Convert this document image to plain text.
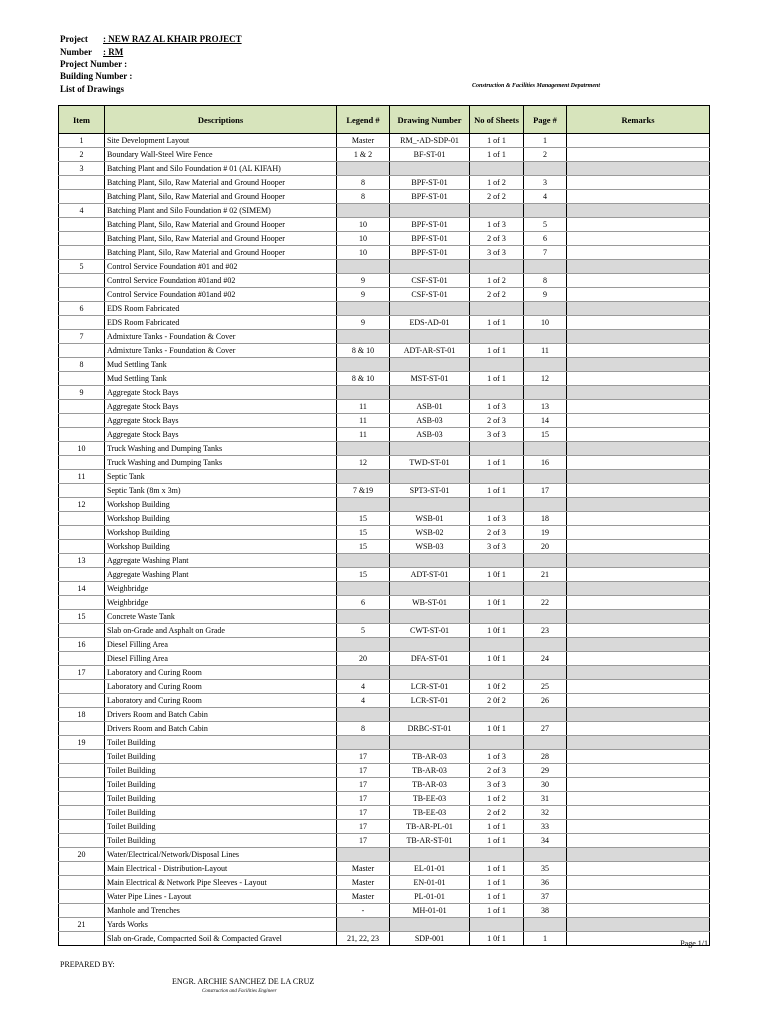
Project : NEW RAZ AL KHAIR PROJECT
Number : RM
Project Number :
Building Number :
List of Drawings	Construction & Facilities Management Depatrment
Item	Descriptions	Legend #	Drawing Number	No of Sheets	Page #	Remarks
1	Site Development Layout	Master	RM_-AD-SDP-01	1 of 1	1	
2	Boundary Wall-Steel Wire Fence	1 & 2	BF-ST-01	1 of 1	2	
3	Batching Plant and Silo Foundation # 01 (AL KIFAH)					
	Batching Plant, Silo, Raw Material and Ground Hooper	8	BPF-ST-01	1 of 2	3	
	Batching Plant, Silo, Raw Material and Ground Hooper	8	BPF-ST-01	2 of 2	4	
4	Batching Plant and Silo Foundation # 02 (SIMEM)					
	Batching Plant, Silo, Raw Material and Ground Hooper	10	BPF-ST-01	1 of 3	5	
	Batching Plant, Silo, Raw Material and Ground Hooper	10	BPF-ST-01	2 of 3	6	
	Batching Plant, Silo, Raw Material and Ground Hooper	10	BPF-ST-01	3 of 3	7	
5	Control Service Foundation #01 and #02					
	Control Service Foundation #01and #02	9	CSF-ST-01	1 of 2	8	
	Control Service Foundation #01and #02	9	CSF-ST-01	2 of 2	9	
6	EDS Room Fabricated					
	EDS Room Fabricated	9	EDS-AD-01	1 of 1	10	
7	Admixture Tanks - Foundation & Cover					
	Admixture Tanks - Foundation & Cover	8 & 10	ADT-AR-ST-01	1 of 1	11	
8	Mud Settling Tank					
	Mud Settling Tank	8 & 10	MST-ST-01	1 of 1	12	
9	Aggregate Stock Bays					
	Aggregate Stock Bays	11	ASB-01	1 of 3	13	
	Aggregate Stock Bays	11	ASB-03	2 of 3	14	
	Aggregate Stock Bays	11	ASB-03	3 of 3	15	
10	Truck Washing and Dumping Tanks					
	Truck Washing and Dumping Tanks	12	TWD-ST-01	1 of 1	16	
11	Septic Tank					
	Septic Tank (8m x 3m)	7 &19	SPT3-ST-01	1 of 1	17	
12	Workshop Building					
	Workshop Building	15	WSB-01	1 of 3	18	
	Workshop Building	15	WSB-02	2 of 3	19	
	Workshop Building	15	WSB-03	3 of 3	20	
13	Aggregate Washing Plant					
	Aggregate Washing Plant	15	ADT-ST-01	1 0f 1	21	
14	Weighbridge					
	Weighbridge	6	WB-ST-01	1 0f 1	22	
15	Concrete Waste Tank					
	Slab on-Grade and Asphalt on Grade	5	CWT-ST-01	1 0f 1	23	
16	Diesel Filling Area					
	Diesel Filling Area	20	DFA-ST-01	1 0f 1	24	
17	Laboratory and Curing Room					
	Laboratory and Curing Room	4	LCR-ST-01	1 0f 2	25	
	Laboratory and Curing Room	4	LCR-ST-01	2 0f 2	26	
18	Drivers Room and Batch Cabin					
	Drivers Room and Batch Cabin	8	DRBC-ST-01	1 0f 1	27	
19	Toilet Building					
	Toilet Building	17	TB-AR-03	1 of 3	28	
	Toilet Building	17	TB-AR-03	2 of 3	29	
	Toilet Building	17	TB-AR-03	3 of 3	30	
	Toilet Building	17	TB-EE-03	1 of 2	31	
	Toilet Building	17	TB-EE-03	2 of 2	32	
	Toilet Building	17	TB-AR-PL-01	1 of 1	33	
	Toilet Building	17	TB-AR-ST-01	1 of 1	34	
20	Water/Electrical/Network/Disposal Lines					
	Main Electrical - Distribution-Layout	Master	EL-01-01	1 of 1	35	
	Main Electrical & Network Pipe Sleeves - Layout	Master	EN-01-01	1 of 1	36	
	Water Pipe Lines - Layout	Master	PL-01-01	1 of 1	37	
	Manhole and Trenches	-	MH-01-01	1 of 1	38	
21	Yards Works					
	Slab on-Grade, Compacrted Soil & Compacted Gravel	21, 22, 23	SDP-001	1 0f 1	1	
Page 1/1
PREPARED BY:
ENGR. ARCHIE SANCHEZ DE LA CRUZ
Construction and Facilities Engineer
